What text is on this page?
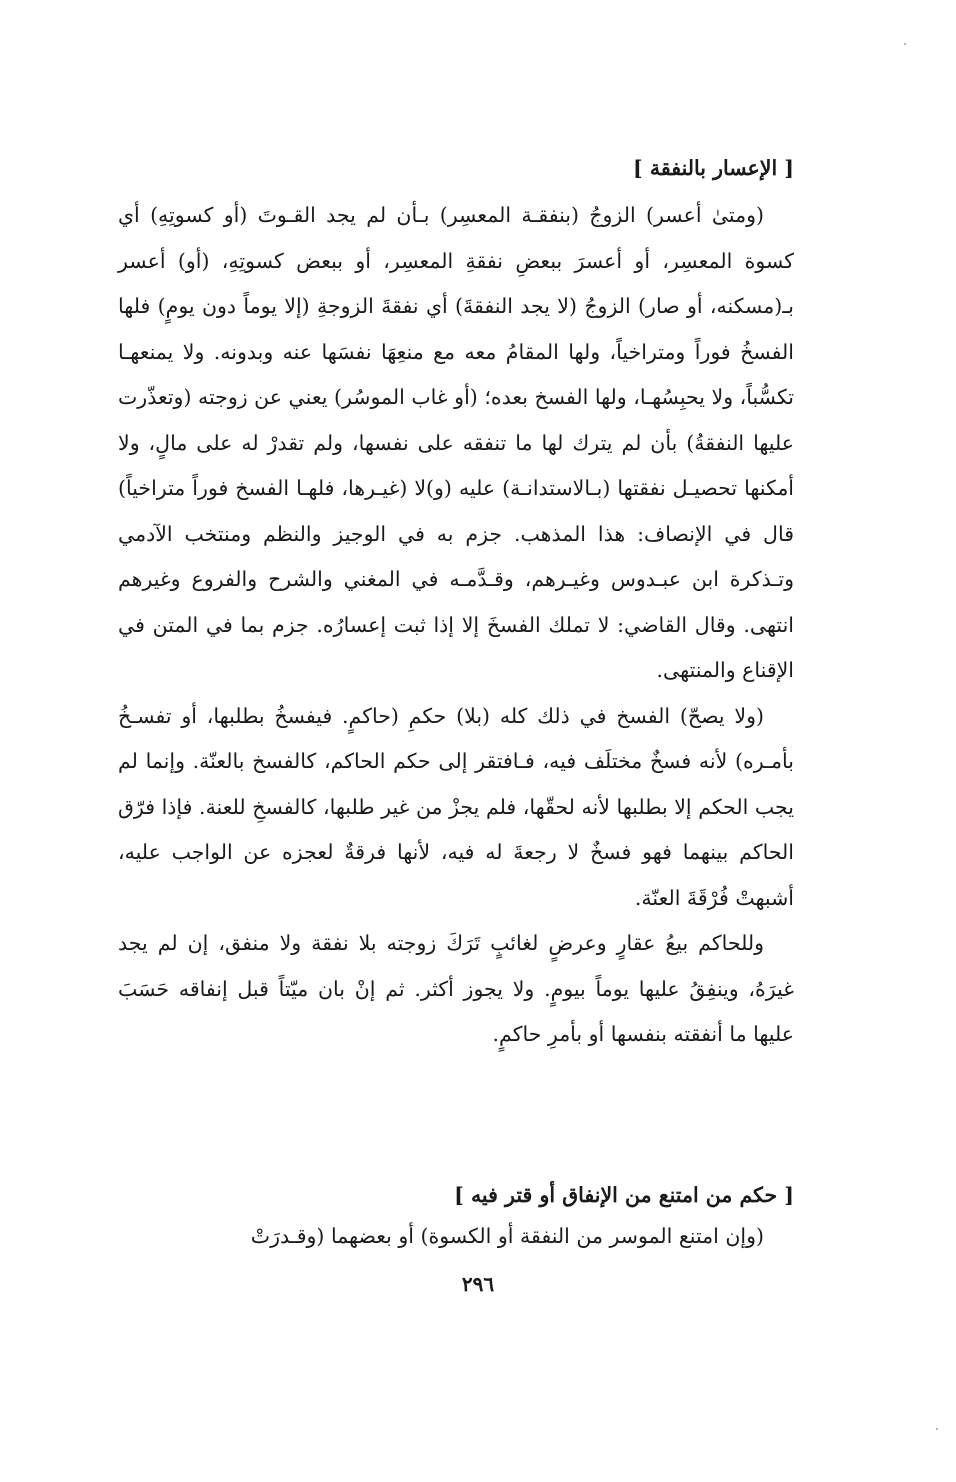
[ الإعسار بالنفقة ]

(ومتىٰ أعسر) الزوجُ (بنفقـة المعسِر) بـأن لم يجد القـوتَ (أو كسوتِهِ) أي كسوة المعسِر، أو أعسرَ ببعضِ نفقةِ المعسِر، أو ببعض كسوتِهِ، (أو) أعسر بـ(مسكنه، أو صار) الزوجُ (لا يجد النفقةَ) أي نفقةَ الزوجةِ (إلا يوماً دون يومٍ) فلها الفسخُ فوراً ومتراخياً، ولها المقامُ معه مع منعِهَا نفسَها عنه وبدونه. ولا يمنعهـا تكسُّباً، ولا يحبِسُهـا، ولها الفسخ بعده؛ (أو غاب الموسُر) يعني عن زوجته (وتعذّرت عليها النفقةُ) بأن لم يترك لها ما تنفقه على نفسها، ولم تقدرْ له على مالٍ، ولا أمكنها تحصيـل نفقتها (بـالاستدانـة) عليه (و)لا (غيـرها، فلهـا الفسخ فوراً متراخياً) قال في الإنصاف: هذا المذهب. جزم به في الوجيز والنظم ومنتخب الآدمي وتـذكرة ابن عبـدوس وغيـرهم، وقـدَّمـه في المغني والشرح والفروع وغيرهم انتهى. وقال القاضي: لا تملك الفسخَ إلا إذا ثبت إعسارُه. جزم بما في المتن في الإقناع والمنتهى.

(ولا يصحّ) الفسخ في ذلك كله (بلا) حكمِ (حاكمٍ. فيفسخُ بطلبها، أو تفسـخُ بأمـره) لأنه فسخٌ مختلَف فيه، فـافتقر إلى حكم الحاكم، كالفسخ بالعنّة. وإنما لم يجب الحكم إلا بطلبها لأنه لحقّها، فلم يجزْ من غير طلبها، كالفسخِ للعنة. فإذا فرّق الحاكم بينهما فهو فسخٌ لا رجعةَ له فيه، لأنها فرقةٌ لعجزه عن الواجب عليه، أشبهتْ فُرْقَةَ العنّة.

وللحاكم بيعُ عقارٍ وعرضٍ لغائبٍ تَرَكَ زوجته بلا نفقة ولا منفق، إن لم يجد غيرَهُ، وينفِقُ عليها يوماً بيومٍ. ولا يجوز أكثر. ثم إنْ بان ميّتاً قبل إنفاقه حَسَبَ عليها ما أنفقته بنفسها أو بأمرِ حاكمٍ.

[ حكم من امتنع من الإنفاق أو قتر فيه ]

(وإن امتنع الموسر من النفقة أو الكسوة) أو بعضهما (وقـدرَتْ

٢٩٦
